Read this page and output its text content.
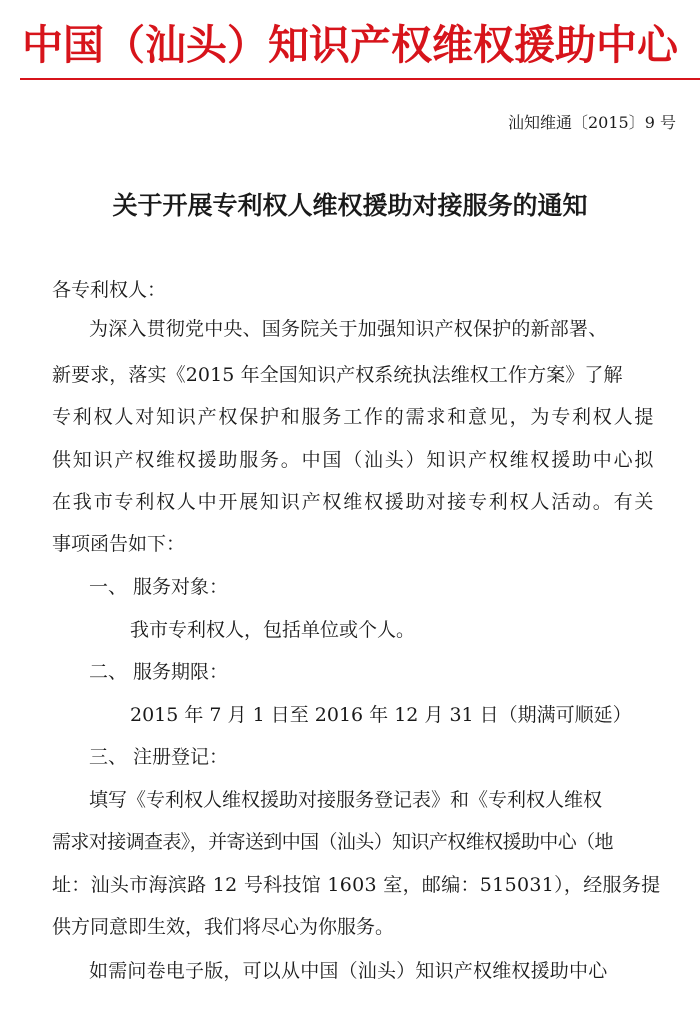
中国（汕头）知识产权维权援助中心
汕知维通〔2015〕9 号
关于开展专利权人维权援助对接服务的通知
各专利权人：
为深入贯彻党中央、国务院关于加强知识产权保护的新部署、
新要求，落实《2015 年全国知识产权系统执法维权工作方案》了解
专利权人对知识产权保护和服务工作的需求和意见，为专利权人提
供知识产权维权援助服务。中国（汕头）知识产权维权援助中心拟
在我市专利权人中开展知识产权维权援助对接专利权人活动。有关
事项函告如下：
一、 服务对象：
我市专利权人，包括单位或个人。
二、 服务期限：
2015 年 7 月 1 日至 2016 年 12 月 31 日（期满可顺延）
三、 注册登记：
填写《专利权人维权援助对接服务登记表》和《专利权人维权
需求对接调查表》，并寄送到中国（汕头）知识产权维权援助中心（地
址：汕头市海滨路 12 号科技馆 1603 室，邮编：515031），经服务提
供方同意即生效，我们将尽心为你服务。
如需问卷电子版，可以从中国（汕头）知识产权维权援助中心
